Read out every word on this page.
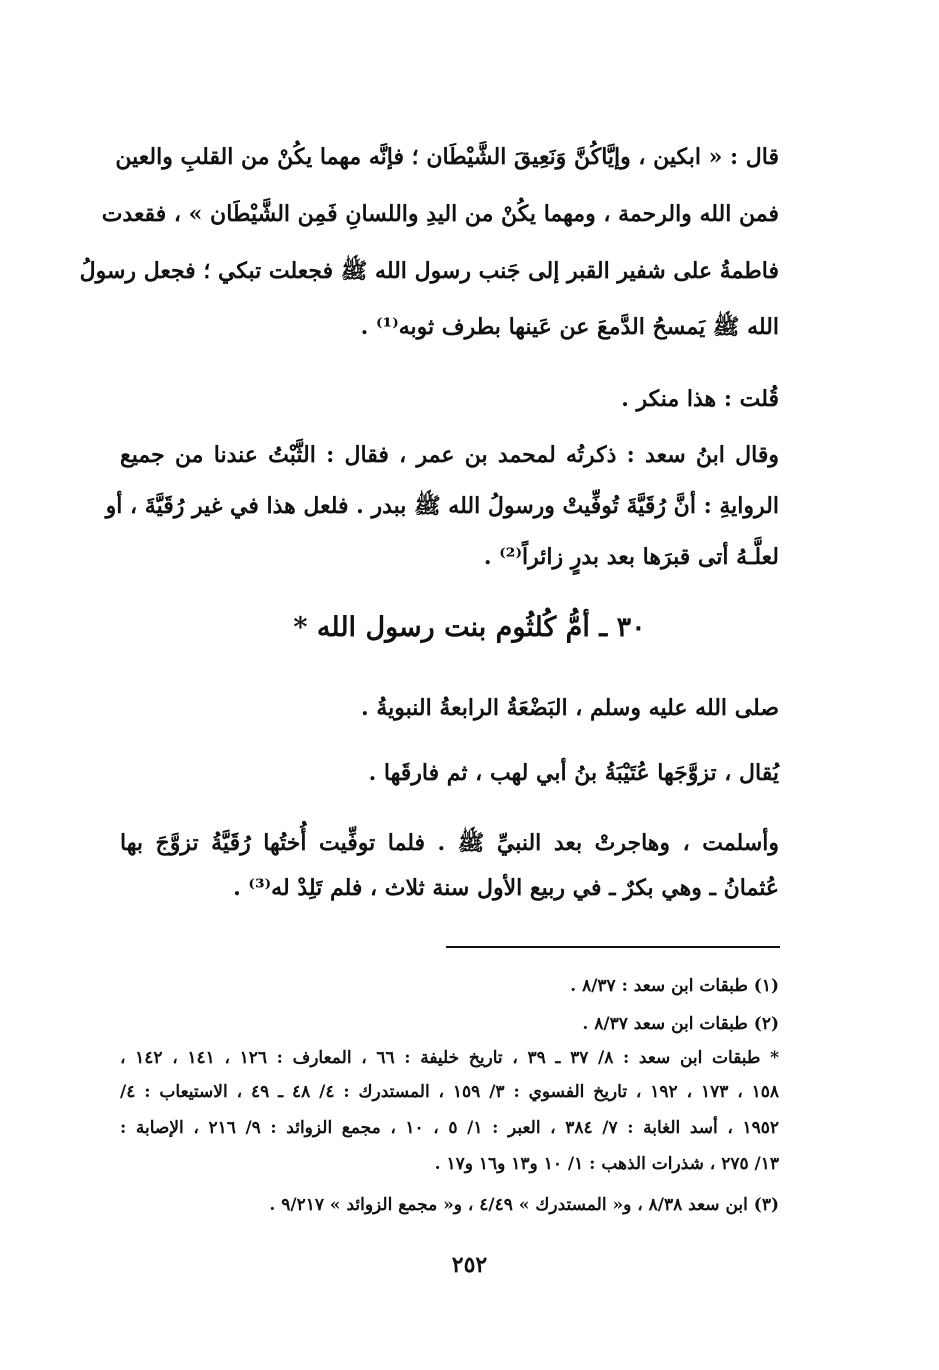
قال : « ابكين ، وإيَّاكُنَّ وَنَعِيقَ الشَّيْطَان ؛ فإنَّه مهما يكُنْ من القلبِ والعين
فمن الله والرحمة ، ومهما يكُنْ من اليدِ واللسانِ فَمِن الشَّيْطَان » ، فقعدت
فاطمةُ على شفير القبر إلى جَنب رسول الله ﷺ فجعلت تبكي ؛ فجعل رسولُ
الله ﷺ يَمسحُ الدَّمعَ عن عَينها بطرف ثوبه⁽¹⁾ .
قُلت : هذا منكر .
وقال ابنُ سعد : ذكرتُه لمحمد بن عمر ، فقال : الثَّبْتُ عندنا من جميع
الروايةِ : أنَّ رُقَيَّةَ تُوفِّيتْ ورسولُ الله ﷺ ببدر . فلعل هذا في غير رُقَيَّةَ ، أو
لعلَّـهُ أتى قبرَها بعد بدرٍ زائراً⁽²⁾ .
٣٠ ـ أمُّ كُلثُوم بنت رسول الله *
صلى الله عليه وسلم ، البَضْعَةُ الرابعةُ النبويةُ .
يُقال ، تزوَّجَها عُتَيْبَةُ بنُ أبي لهب ، ثم فارقَها .
وأسلمت ، وهاجرتْ بعد النبيِّ ﷺ . فلما توفِّيت أُختُها رُقَيَّةُ تزوَّجَ بها
عُثمانُ ـ وهي بكرٌ ـ في ربيع الأول سنة ثلاث ، فلم تَلِدْ له⁽³⁾ .
(١) طبقات ابن سعد : ٨/٣٧ .
(٢) طبقات ابن سعد ٨/٣٧ .
* طبقات ابن سعد : ٨/ ٣٧ ـ ٣٩ ، تاريخ خليفة : ٦٦ ، المعارف : ١٢٦ ، ١٤١ ، ١٤٢ ،
١٥٨ ، ١٧٣ ، ١٩٢ ، تاريخ الفسوي : ٣/ ١٥٩ ، المستدرك : ٤/ ٤٨ ـ ٤٩ ، الاستيعاب : ٤/
١٩٥٢ ، أسد الغابة : ٧/ ٣٨٤ ، العبر : ١/ ٥ ، ١٠ ، مجمع الزوائد : ٩/ ٢١٦ ، الإصابة :
١٣/ ٢٧٥ ، شذرات الذهب : ١/ ١٠ و١٣ و١٦ و١٧ .
(٣) ابن سعد ٨/٣٨ ، و« المستدرك » ٤/٤٩ ، و« مجمع الزوائد » ٩/٢١٧ .
٢٥٢
